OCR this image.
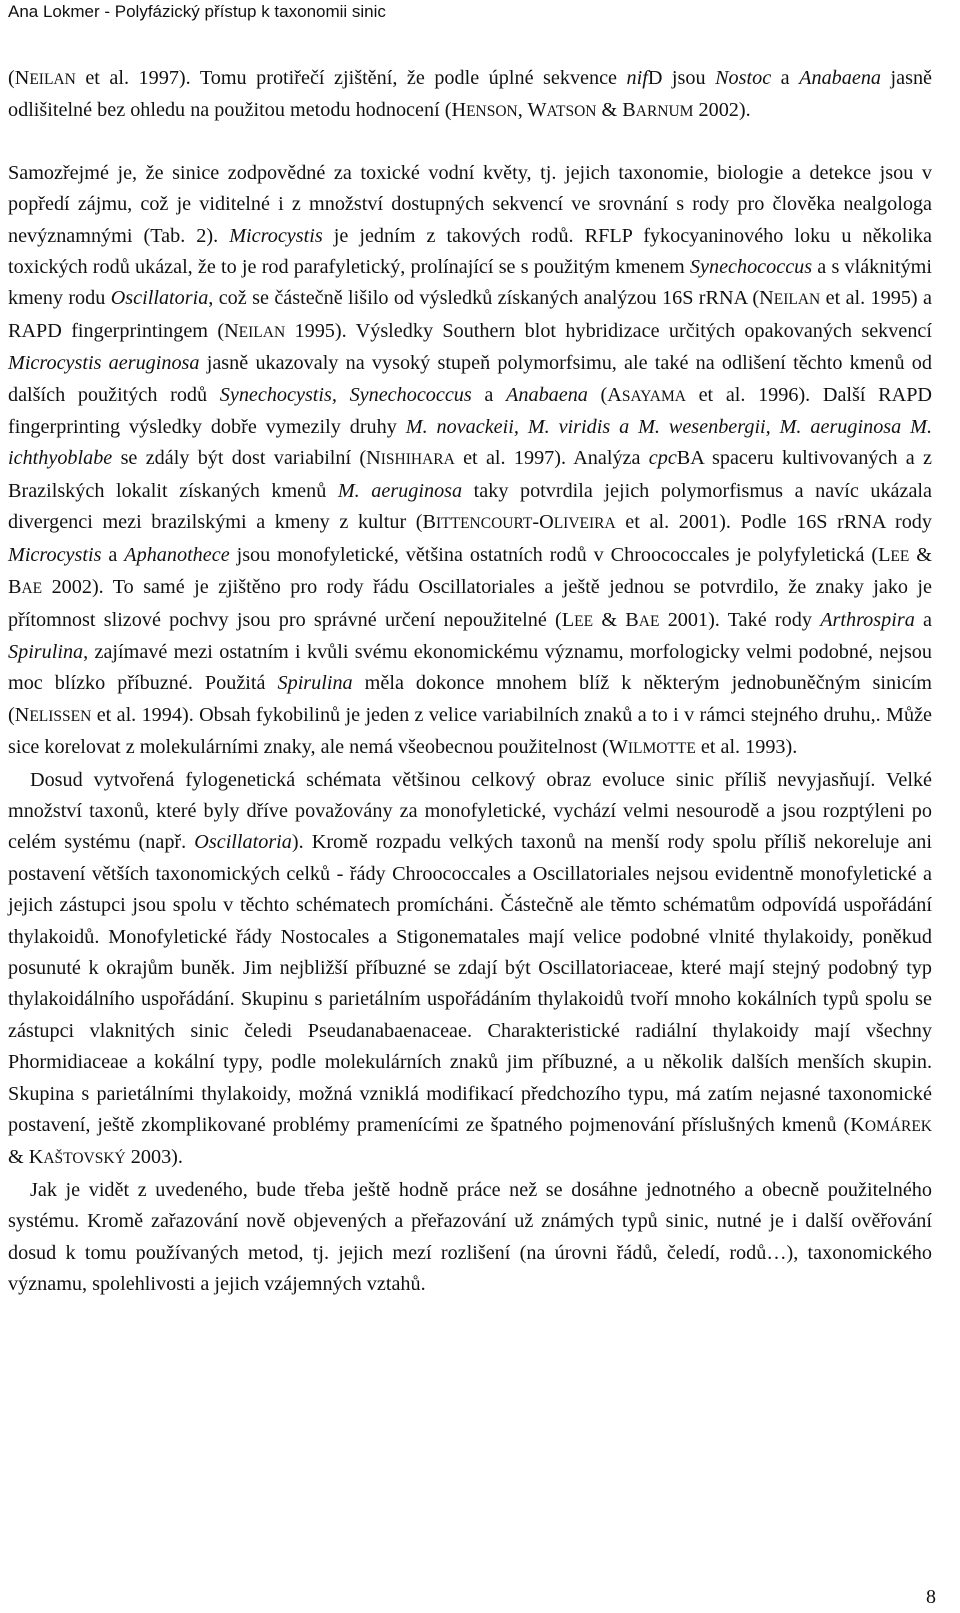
Ana Lokmer - Polyfázický přístup k taxonomii sinic

(NEILAN et al. 1997). Tomu protiřečí zjištění, že podle úplné sekvence nifD jsou Nostoc a Anabaena jasně odlišitelné bez ohledu na použitou metodu hodnocení (HENSON, WATSON & BARNUM 2002).

Samozřejmé je, že sinice zodpovědné za toxické vodní květy, tj. jejich taxonomie, biologie a detekce jsou v popředí zájmu, což je viditelné i z množství dostupných sekvencí ve srovnání s rody pro člověka nealgologa nevýznamnými (Tab. 2). Microcystis je jedním z takových rodů. RFLP fykocyaninového loku u několika toxických rodů ukázal, že to je rod parafyletický, prolínající se s použitým kmenem Synechococcus a s vláknitými kmeny rodu Oscillatoria, což se částečně lišilo od výsledků získaných analýzou 16S rRNA (NEILAN et al. 1995) a RAPD fingerprintingem (NEILAN 1995). Výsledky Southern blot hybridizace určitých opakovaných sekvencí Microcystis aeruginosa jasně ukazovaly na vysoký stupeň polymorfsimu, ale také na odlišení těchto kmenů od dalších použitých rodů Synechocystis, Synechococcus a Anabaena (ASAYAMA et al. 1996). Další RAPD fingerprinting výsledky dobře vymezily druhy M. novackeii, M. viridis a M. wesenbergii, M. aeruginosa M. ichthyoblabe se zdály být dost variabilní (NISHIHARA et al. 1997). Analýza cpcBA spaceru kultivovaných a z Brazilských lokalit získaných kmenů M. aeruginosa taky potvrdila jejich polymorfismus a navíc ukázala divergenci mezi brazilskými a kmeny z kultur (BITTENCOURT-OLIVEIRA et al. 2001). Podle 16S rRNA rody Microcystis a Aphanothece jsou monofyletické, většina ostatních rodů v Chroococcales je polyfyletická (LEE & BAE 2002). To samé je zjištěno pro rody řádu Oscillatoriales a ještě jednou se potvrdilo, že znaky jako je přítomnost slizové pochvy jsou pro správné určení nepoužitelné (LEE & BAE 2001). Také rody Arthrospira a Spirulina, zajímavé mezi ostatním i kvůli svému ekonomickému významu, morfologicky velmi podobné, nejsou moc blízko příbuzné. Použitá Spirulina měla dokonce mnohem blíž k některým jednobuněčným sinicím (NELISSEN et al. 1994). Obsah fykobilinů je jeden z velice variabilních znaků a to i v rámci stejného druhu,. Může sice korelovat z molekulárními znaky, ale nemá všeobecnou použitelnost (WILMOTTE et al. 1993).

Dosud vytvořená fylogenetická schémata většinou celkový obraz evoluce sinic příliš nevyjasňují. Velké množství taxonů, které byly dříve považovány za monofyletické, vychází velmi nesourodě a jsou rozptýleni po celém systému (např. Oscillatoria). Kromě rozpadu velkých taxonů na menší rody spolu příliš nekoreluje ani postavení větších taxonomických celků - řády Chroococcales a Oscillatoriales nejsou evidentně monofyletické a jejich zástupci jsou spolu v těchto schématech promícháni. Částečně ale těmto schématům odpovídá uspořádání thylakoidů. Monofyletické řády Nostocales a Stigonematales mají velice podobné vlnité thylakoidy, poněkud posunuté k okrajům buněk. Jim nejbližší příbuzné se zdají být Oscillatoriaceae, které mají stejný podobný typ thylakoidálního uspořádání. Skupinu s parietálním uspořádáním thylakoidů tvoří mnoho kokálních typů spolu se zástupci vlaknitých sinic čeledi Pseudanabaenaceae. Charakteristické radiální thylakoidy mají všechny Phormidiaceae a kokální typy, podle molekulárních znaků jim příbuzné, a u několik dalších menších skupin. Skupina s parietálními thylakoidy, možná vzniklá modifikací předchozího typu, má zatím nejasné taxonomické postavení, ještě zkomplikované problémy pramenícími ze špatného pojmenování příslušných kmenů (KOMÁREK & KAŠTOVSKÝ 2003).

Jak je vidět z uvedeného, bude třeba ještě hodně práce než se dosáhne jednotného a obecně použitelného systému. Kromě zařazování nově objevených a přeřazování už známých typů sinic, nutné je i další ověřování dosud k tomu používaných metod, tj. jejich mezí rozlišení (na úrovni řádů, čeledí, rodů…), taxonomického významu, spolehlivosti a jejich vzájemných vztahů.

8
